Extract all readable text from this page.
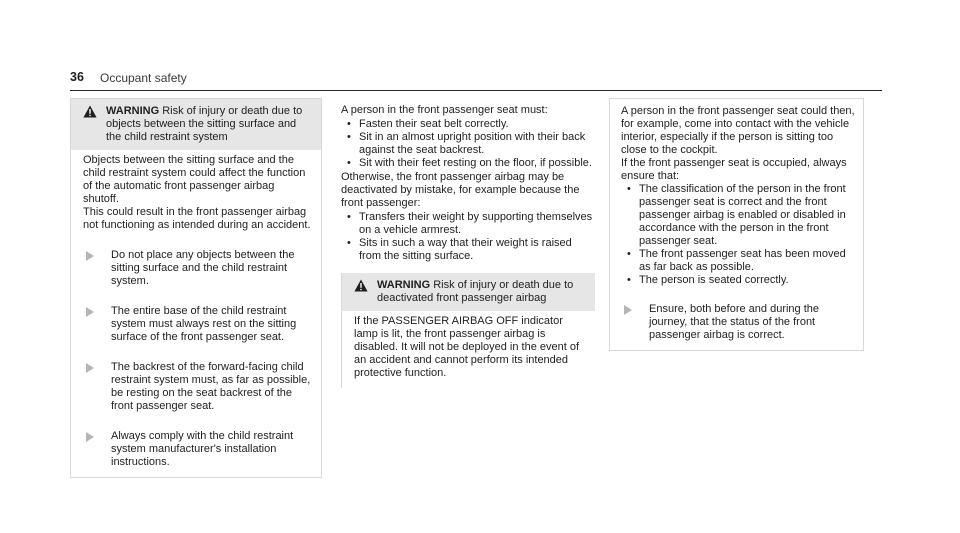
36 Occupant safety

WARNING Risk of injury or death due to objects between the sitting surface and the child restraint system

Objects between the sitting surface and the child restraint system could affect the function of the automatic front passenger airbag shutoff.

This could result in the front passenger airbag not functioning as intended during an accident.

Do not place any objects between the sitting surface and the child restraint system.

The entire base of the child restraint system must always rest on the sitting surface of the front passenger seat.

The backrest of the forward-facing child restraint system must, as far as possible, be resting on the seat backrest of the front passenger seat.

Always comply with the child restraint system manufacturer's installation instructions.

A person in the front passenger seat must:

• Fasten their seat belt correctly.
• Sit in an almost upright position with their back against the seat backrest.
• Sit with their feet resting on the floor, if possible.

Otherwise, the front passenger airbag may be deactivated by mistake, for example because the front passenger:

• Transfers their weight by supporting themselves on a vehicle armrest.
• Sits in such a way that their weight is raised from the sitting surface.

WARNING Risk of injury or death due to deactivated front passenger airbag

If the PASSENGER AIRBAG OFF indicator lamp is lit, the front passenger airbag is disabled. It will not be deployed in the event of an accident and cannot perform its intended protective function.

A person in the front passenger seat could then, for example, come into contact with the vehicle interior, especially if the person is sitting too close to the cockpit.

If the front passenger seat is occupied, always ensure that:

• The classification of the person in the front passenger seat is correct and the front passenger airbag is enabled or disabled in accordance with the person in the front passenger seat.
• The front passenger seat has been moved as far back as possible.
• The person is seated correctly.

Ensure, both before and during the journey, that the status of the front passenger airbag is correct.
